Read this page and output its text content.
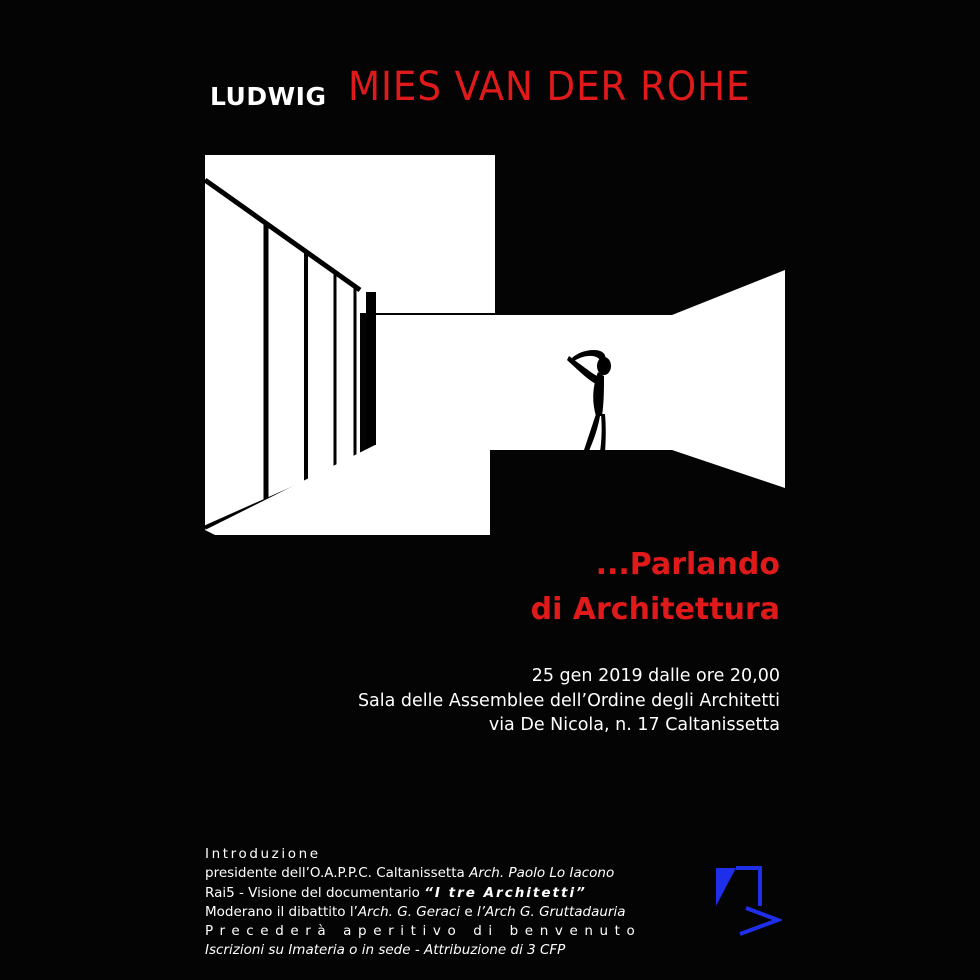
LUDWIG MIES VAN DER ROHE
...Parlando
di Architettura
25 gen 2019 dalle ore 20,00
Sala delle Assemblee dell’Ordine degli Architetti
via De Nicola, n. 17 Caltanissetta
Introduzione
presidente dell’O.A.P.P.C. Caltanissetta Arch. Paolo Lo Iacono
Rai5 - Visione del documentario “I tre Architetti”
Moderano il dibattito l’Arch. G. Geraci e l’Arch G. Gruttadauria
Precederà aperitivo di benvenuto
Iscrizioni su Imateria o in sede - Attribuzione di 3 CFP
